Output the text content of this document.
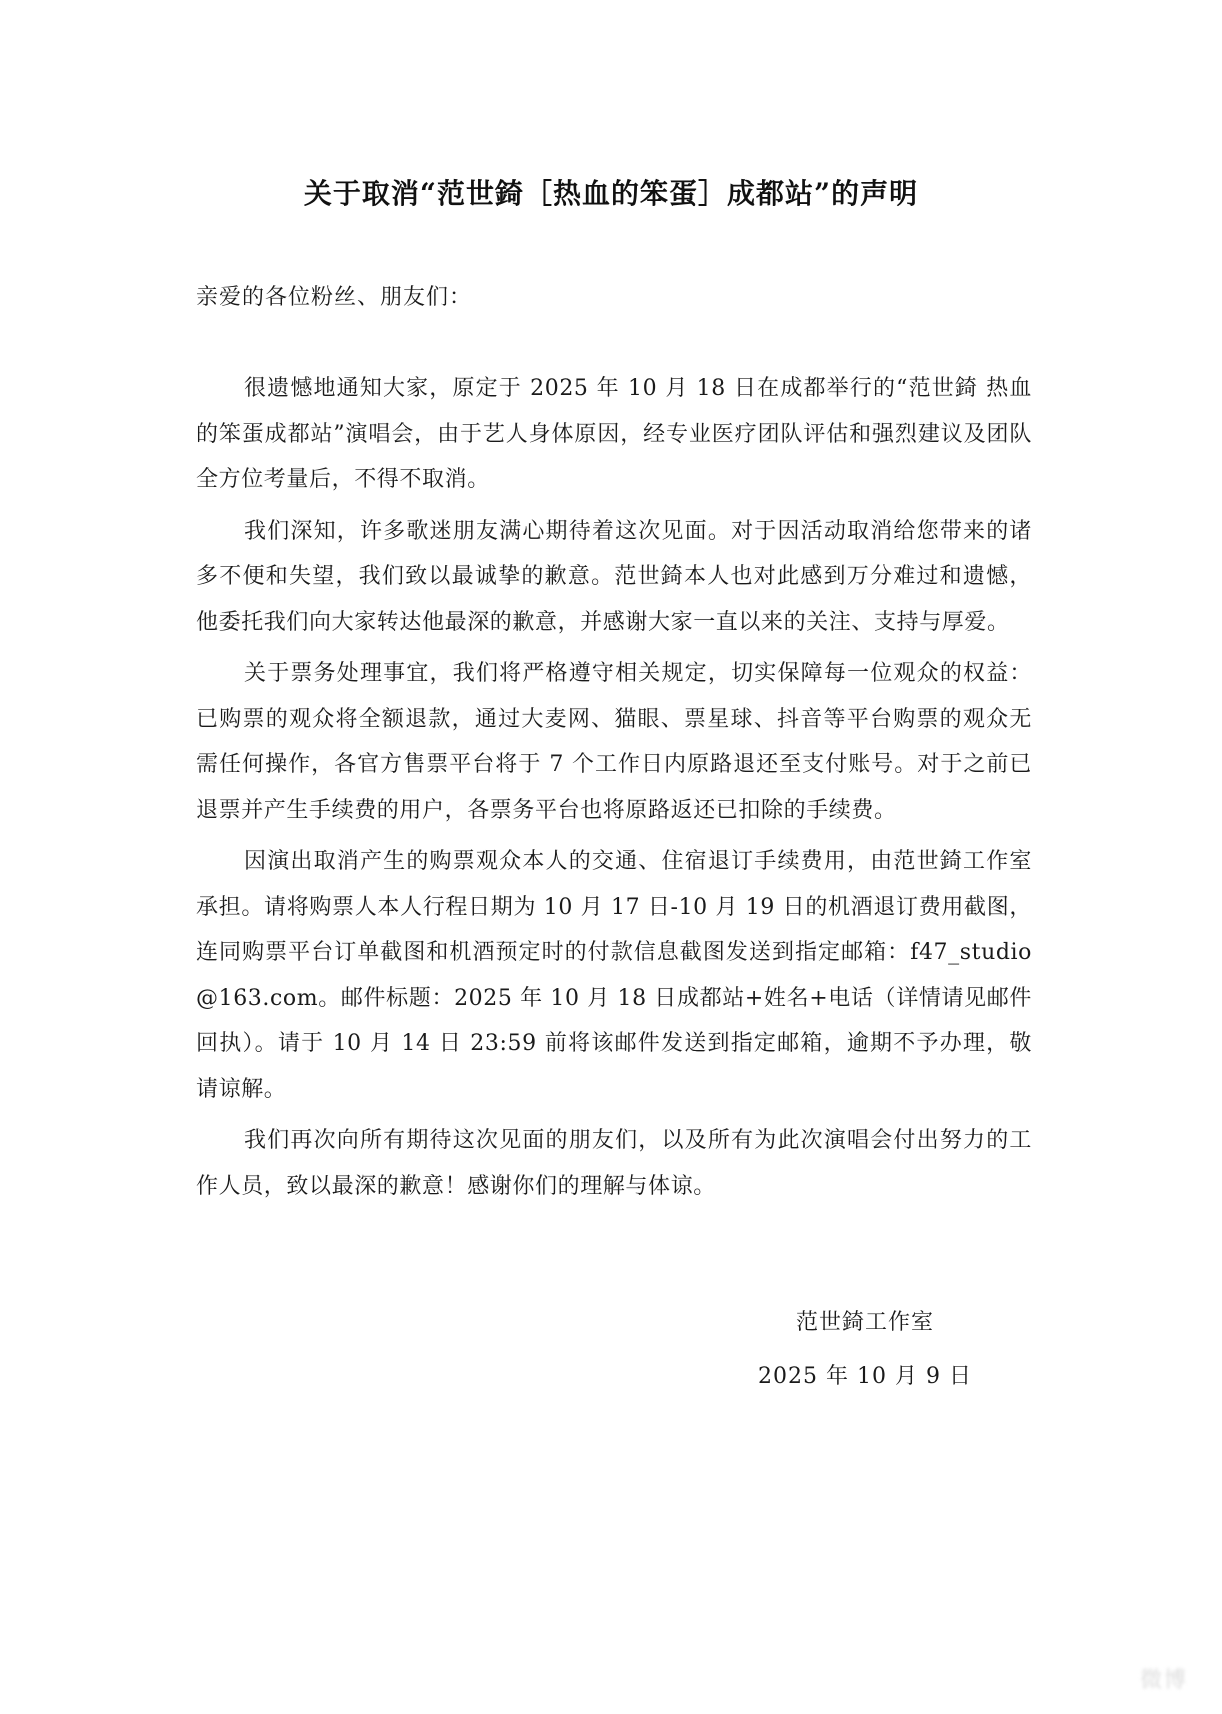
关于取消“范世錡［热血的笨蛋］成都站”的声明
亲爱的各位粉丝、朋友们：

很遗憾地通知大家，原定于 2025 年 10 月 18 日在成都举行的“范世錡 热血的笨蛋成都站”演唱会，由于艺人身体原因，经专业医疗团队评估和强烈建议及团队全方位考量后，不得不取消。

我们深知，许多歌迷朋友满心期待着这次见面。对于因活动取消给您带来的诸多不便和失望，我们致以最诚挚的歉意。范世錡本人也对此感到万分难过和遗憾，他委托我们向大家转达他最深的歉意，并感谢大家一直以来的关注、支持与厚爱。

关于票务处理事宜，我们将严格遵守相关规定，切实保障每一位观众的权益：已购票的观众将全额退款，通过大麦网、猫眼、票星球、抖音等平台购票的观众无需任何操作，各官方售票平台将于 7 个工作日内原路退还至支付账号。对于之前已退票并产生手续费的用户，各票务平台也将原路返还已扣除的手续费。

因演出取消产生的购票观众本人的交通、住宿退订手续费用，由范世錡工作室承担。请将购票人本人行程日期为 10 月 17 日-10 月 19 日的机酒退订费用截图，连同购票平台订单截图和机酒预定时的付款信息截图发送到指定邮箱：f47_studio@163.com。邮件标题：2025 年 10 月 18 日成都站+姓名+电话（详情请见邮件回执）。请于 10 月 14 日 23:59 前将该邮件发送到指定邮箱，逾期不予办理，敬请谅解。

我们再次向所有期待这次见面的朋友们，以及所有为此次演唱会付出努力的工作人员，致以最深的歉意！感谢你们的理解与体谅。

范世錡工作室
2025 年 10 月 9 日
微博
